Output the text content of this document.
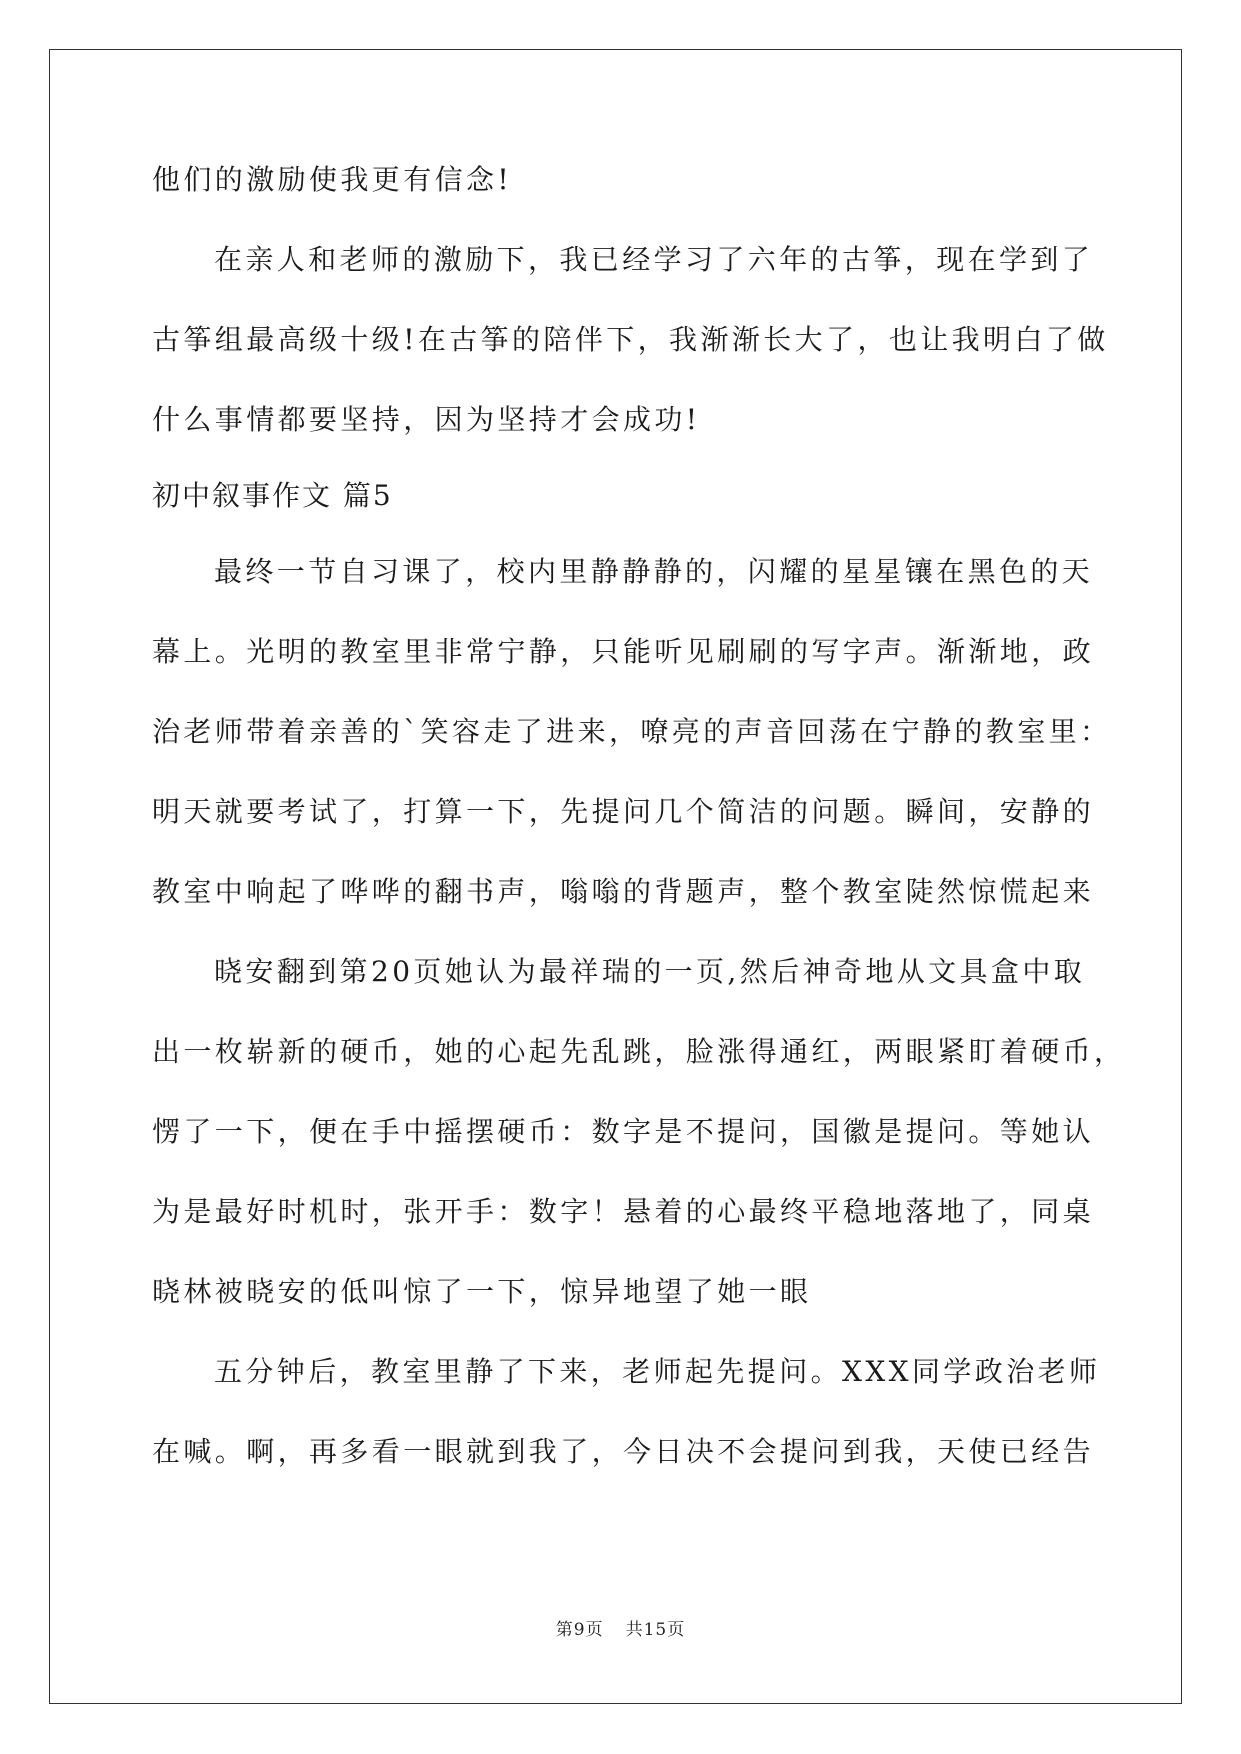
他们的激励使我更有信念!
在亲人和老师的激励下，我已经学习了六年的古筝，现在学到了
古筝组最高级十级!在古筝的陪伴下，我渐渐长大了，也让我明白了做
什么事情都要坚持，因为坚持才会成功!
初中叙事作文 篇5
最终一节自习课了，校内里静静静的，闪耀的星星镶在黑色的天
幕上。光明的教室里非常宁静，只能听见刷刷的写字声。渐渐地，政
治老师带着亲善的`笑容走了进来，嘹亮的声音回荡在宁静的教室里：
明天就要考试了，打算一下，先提问几个简洁的问题。瞬间，安静的
教室中响起了哗哗的翻书声，嗡嗡的背题声，整个教室陡然惊慌起来
晓安翻到第20页她认为最祥瑞的一页,然后神奇地从文具盒中取
出一枚崭新的硬币，她的心起先乱跳，脸涨得通红，两眼紧盯着硬币，
愣了一下，便在手中摇摆硬币：数字是不提问，国徽是提问。等她认
为是最好时机时，张开手：数字！悬着的心最终平稳地落地了，同桌
晓林被晓安的低叫惊了一下，惊异地望了她一眼
五分钟后，教室里静了下来，老师起先提问。XXX同学政治老师
在喊。啊，再多看一眼就到我了，今日决不会提问到我，天使已经告
第9页 共15页
